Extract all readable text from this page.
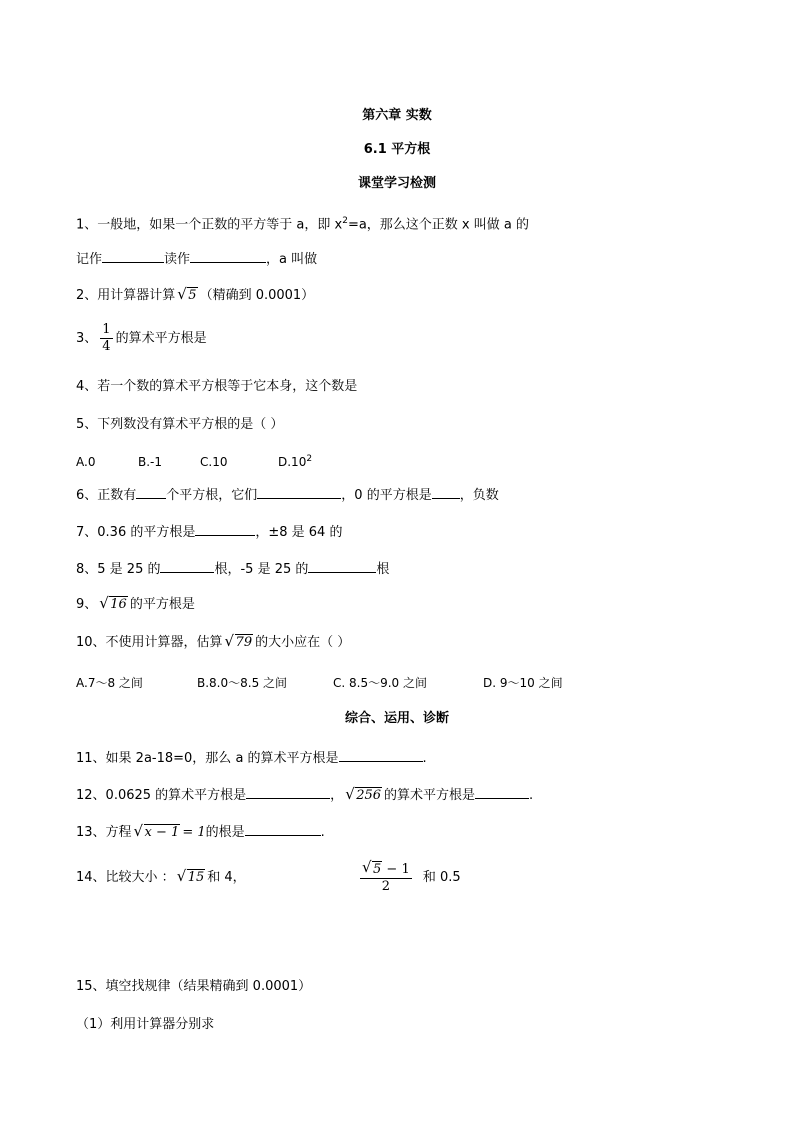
第六章 实数
6.1 平方根
课堂学习检测
1、一般地，如果一个正数的平方等于 a，即 $x^2=a$，那么这个正数 x 叫做 a 的
记作	读作	，a 叫做
2、用计算器计算 √ 5 （精确到 0.0001）
3、 $\frac{1}{4}$ 的算术平方根是
4、若一个数的算术平方根等于它本身，这个数是
5、下列数没有算术平方根的是（ ）
A.0	B.-1	C.10	$D.10^2$
6、正数有 个平方根，它们	，0 的平方根是 ，负数
7、0.36 的平方根是	，±8 是 64 的
8、5 是 25 的	根，-5 是 25 的	根
9、 √ 16 的平方根是
10、不使用计算器，估算 √ 79 的大小应在（ ）
A.7～8 之间	B.8.0～8.5 之间	C. 8.5～9.0 之间	D. 9～10 之间
综合、运用、诊断
11、如果 2a-18=0，那么 a 的算术平方根是	.
12、0.0625 的算术平方根是	， √ 256 的算术平方根是	.
13、方程 √ x − 1 = 1的根是	.
14、比较大小 ： √ 15 和 4，	√ $\frac{5 - 1}{2}$ 和 0.5
15、填空找规律（结果精确到 0.0001）
（1）利用计算器分别求
